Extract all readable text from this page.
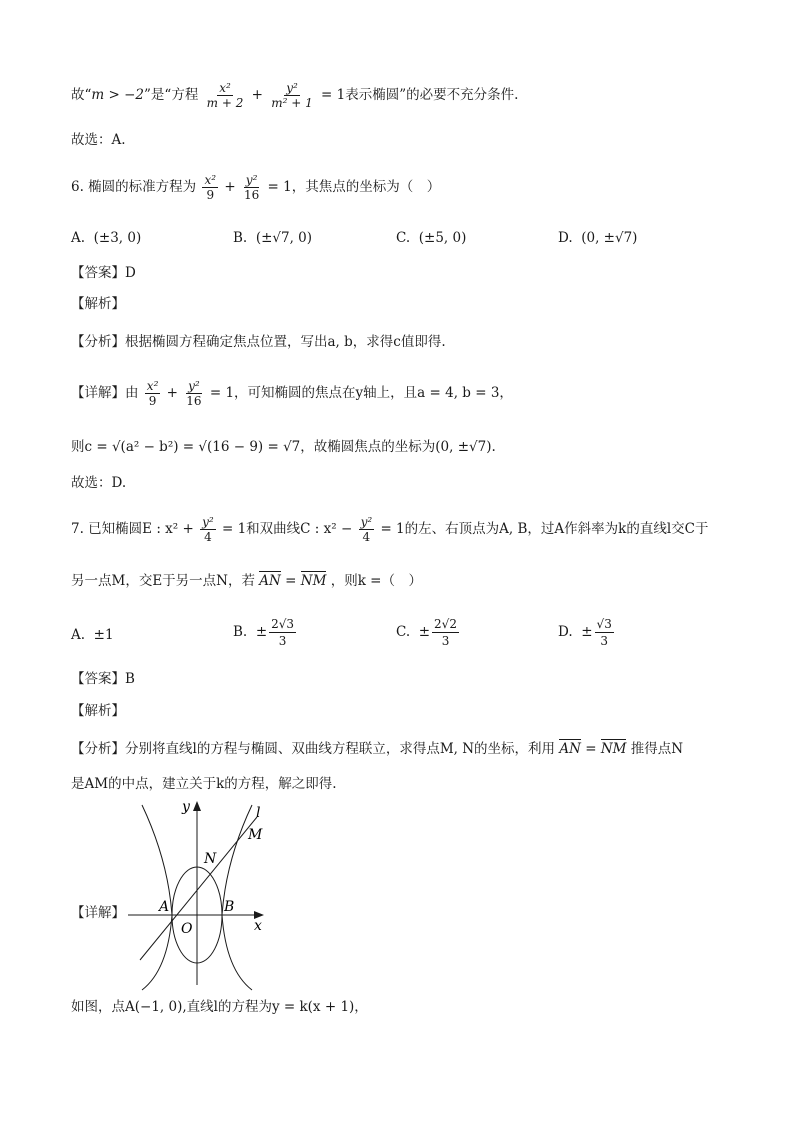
故“m > −2”是“方程 $\frac{\text{x²}}{m + 2} + \frac{\text{y²}}{\text{m² + 1}} = 1$表示椭圆”的必要不充分条件.
故选：A.
6. 椭圆的标准方程为 $\frac{\text{x²}}{9} + \frac{\text{y²}}{16} = 1$，其焦点的坐标为（　）
A. (±3, 0)	B. (±√7, 0)	C. (±5, 0)	D. (0, ±√7)
【答案】D
【解析】
【分析】根据椭圆方程确定焦点位置，写出a, b，求得c值即得.
【详解】由 $\frac{\text{x²}}{9} + \frac{\text{y²}}{16} = 1$，可知椭圆的焦点在y轴上，且a = 4, b = 3，
则c = √(a² − b²) = √(16 − 9) = √7，故椭圆焦点的坐标为(0, ±√7).
故选：D.
7. 已知椭圆E : $x^2 + \frac{\text{y²}}{4} = 1$和双曲线C : $x^2 - \frac{\text{y²}}{4} = 1$的左、右顶点为A, B，过A作斜率为k的直线l交C于
另一点M，交E于另一点N，若 AN = NM ，则k =（　）
A. ±1	B. ± $\frac{2√3}{3}$	C. ± $\frac{2√2}{3}$	D. ± $\frac{√3}{3}$
【答案】B
【解析】
【分析】分别将直线l的方程与椭圆、双曲线方程联立，求得点M, N的坐标，利用 AN = NM 推得点N
是AM的中点，建立关于k的方程，解之即得.
【详解】
y
x
l
M
N
A
O
B
如图，点A(−1, 0),直线l的方程为y = k(x + 1)，
